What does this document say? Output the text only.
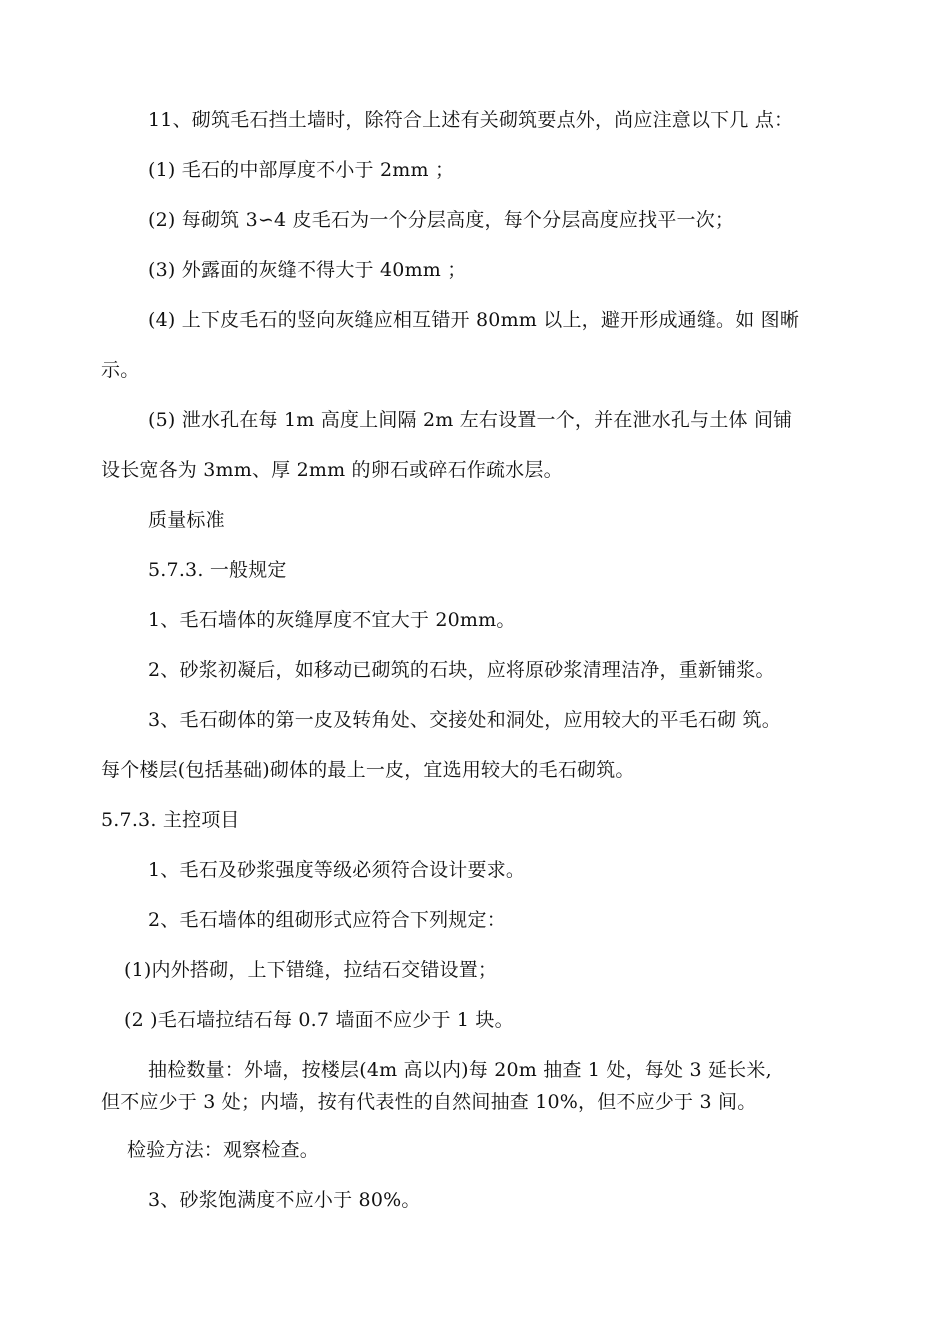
11、砌筑毛石挡土墙时，除符合上述有关砌筑要点外，尚应注意以下几 点：
(1) 毛石的中部厚度不小于 2mm ；
(2) 每砌筑 3∽4 皮毛石为一个分层高度，每个分层高度应找平一次；
(3) 外露面的灰缝不得大于 40mm ；
(4) 上下皮毛石的竖向灰缝应相互错开 80mm 以上，避开形成通缝。如 图晰
示。
(5) 泄水孔在每 1m 高度上间隔 2m 左右设置一个，并在泄水孔与土体 间铺
设长宽各为 3mm、厚 2mm 的卵石或碎石作疏水层。
质量标准
5.7.3. 一般规定
1、毛石墙体的灰缝厚度不宜大于 20mm。
2、砂浆初凝后，如移动已砌筑的石块，应将原砂浆清理洁净，重新铺浆。
3、毛石砌体的第一皮及转角处、交接处和洞处，应用较大的平毛石砌 筑。
每个楼层(包括基础)砌体的最上一皮，宜选用较大的毛石砌筑。
5.7.3. 主控项目
1、毛石及砂浆强度等级必须符合设计要求。
2、毛石墙体的组砌形式应符合下列规定：
(1)内外搭砌，上下错缝，拉结石交错设置；
(2 )毛石墙拉结石每 0.7 墙面不应少于 1 块。
抽检数量：外墙，按楼层(4m 高以内)每 20m 抽查 1 处，每处 3 延长米,
但不应少于 3 处；内墙，按有代表性的自然间抽查 10%，但不应少于 3 间。
检验方法：观察检查。
3、砂浆饱满度不应小于 80%。
